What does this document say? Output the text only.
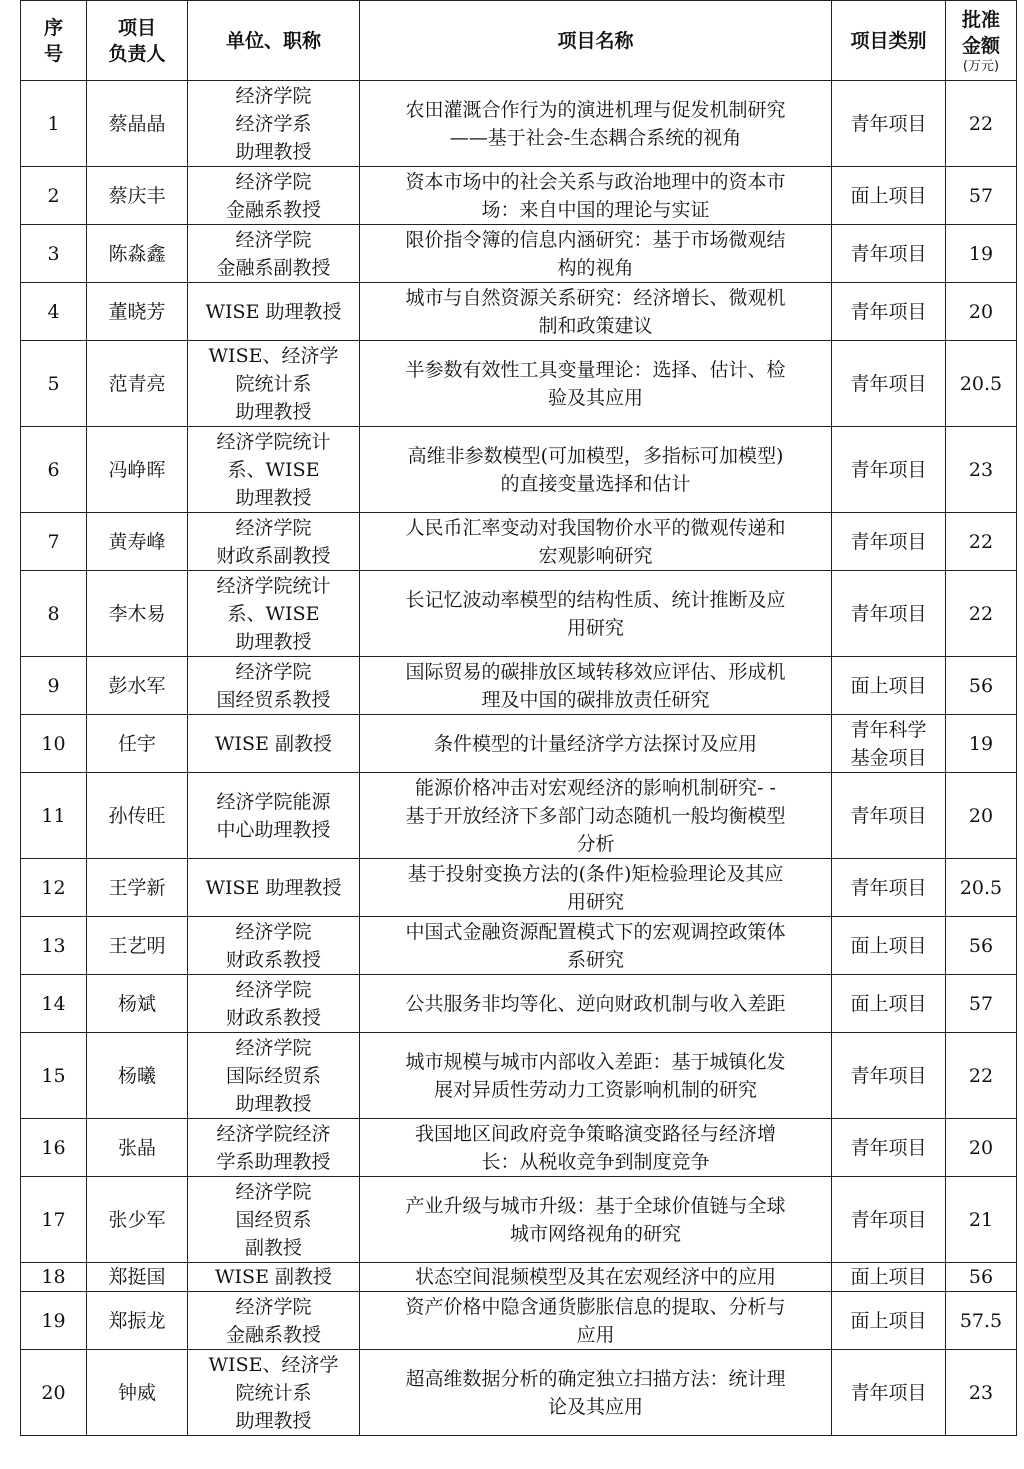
序
号	项目
负责人	单位、职称	项目名称	项目类别	批准
金额
(万元)

1	蔡晶晶	经济学院
经济学系
助理教授	农田灌溉合作行为的演进机理与促发机制研究
——基于社会-生态耦合系统的视角	青年项目	22
2	蔡庆丰	经济学院
金融系教授	资本市场中的社会关系与政治地理中的资本市
场：来自中国的理论与实证	面上项目	57
3	陈淼鑫	经济学院
金融系副教授	限价指令簿的信息内涵研究：基于市场微观结
构的视角	青年项目	19
4	董晓芳	WISE 助理教授	城市与自然资源关系研究：经济增长、微观机
制和政策建议	青年项目	20
5	范青亮	WISE、经济学
院统计系
助理教授	半参数有效性工具变量理论：选择、估计、检
验及其应用	青年项目	20.5
6	冯峥晖	经济学院统计
系、WISE
助理教授	高维非参数模型(可加模型，多指标可加模型)
的直接变量选择和估计	青年项目	23
7	黄寿峰	经济学院
财政系副教授	人民币汇率变动对我国物价水平的微观传递和
宏观影响研究	青年项目	22
8	李木易	经济学院统计
系、WISE
助理教授	长记忆波动率模型的结构性质、统计推断及应
用研究	青年项目	22
9	彭水军	经济学院
国经贸系教授	国际贸易的碳排放区域转移效应评估、形成机
理及中国的碳排放责任研究	面上项目	56
10	任宇	WISE 副教授	条件模型的计量经济学方法探讨及应用	青年科学
基金项目	19
11	孙传旺	经济学院能源
中心助理教授	能源价格冲击对宏观经济的影响机制研究- -
基于开放经济下多部门动态随机一般均衡模型
分析	青年项目	20
12	王学新	WISE 助理教授	基于投射变换方法的(条件)矩检验理论及其应
用研究	青年项目	20.5
13	王艺明	经济学院
财政系教授	中国式金融资源配置模式下的宏观调控政策体
系研究	面上项目	56
14	杨斌	经济学院
财政系教授	公共服务非均等化、逆向财政机制与收入差距	面上项目	57
15	杨曦	经济学院
国际经贸系
助理教授	城市规模与城市内部收入差距：基于城镇化发
展对异质性劳动力工资影响机制的研究	青年项目	22
16	张晶	经济学院经济
学系助理教授	我国地区间政府竞争策略演变路径与经济增
长：从税收竞争到制度竞争	青年项目	20
17	张少军	经济学院
国经贸系
副教授	产业升级与城市升级：基于全球价值链与全球
城市网络视角的研究	青年项目	21
18	郑挺国	WISE 副教授	状态空间混频模型及其在宏观经济中的应用	面上项目	56
19	郑振龙	经济学院
金融系教授	资产价格中隐含通货膨胀信息的提取、分析与
应用	面上项目	57.5
20	钟威	WISE、经济学
院统计系
助理教授	超高维数据分析的确定独立扫描方法：统计理
论及其应用	青年项目	23
